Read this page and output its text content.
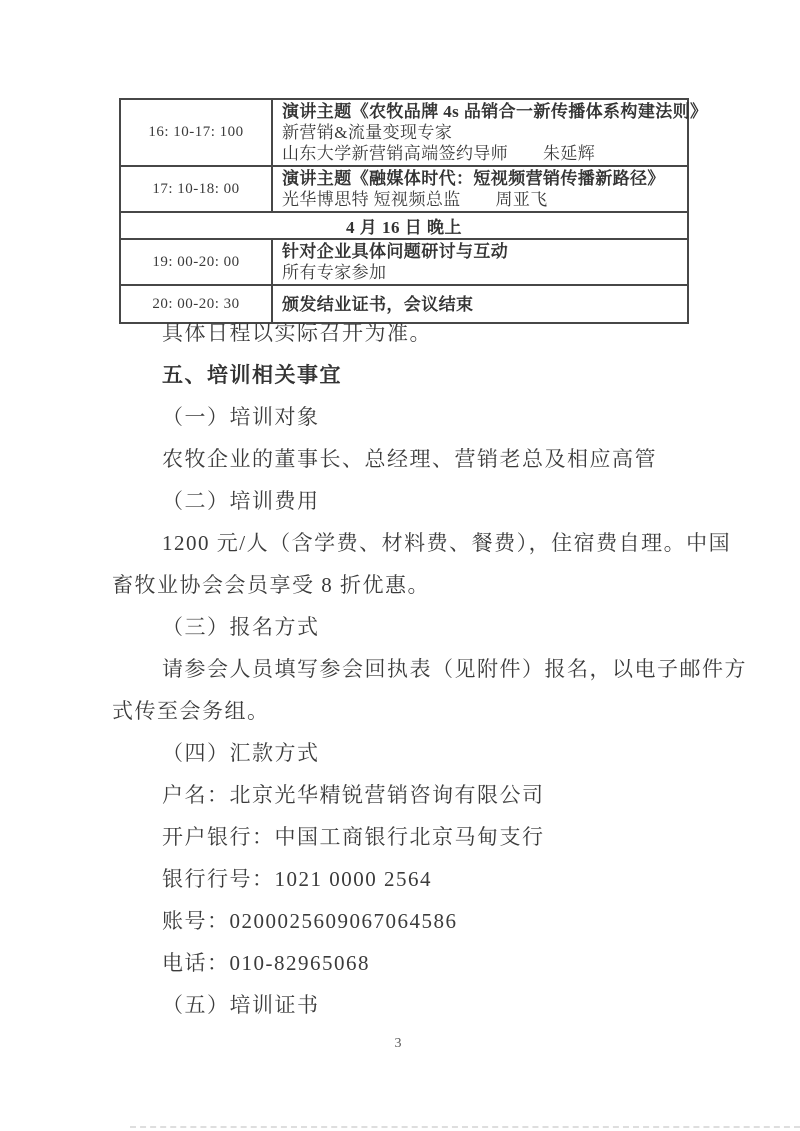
16: 10-17: 100	演讲主题《农牧品牌 4s 品销合一新传播体系构建法则》
新营销&流量变现专家
山东大学新营销高端签约导师　　朱延辉

17: 10-18: 00	演讲主题《融媒体时代：短视频营销传播新路径》
光华博思特 短视频总监　　周亚飞

4 月 16 日 晚上	
19: 00-20: 00	针对企业具体问题研讨与互动
所有专家参加

20: 00-20: 30	颁发结业证书，会议结束
具体日程以实际召开为准。
五、培训相关事宜
（一）培训对象
农牧企业的董事长、总经理、营销老总及相应高管
（二）培训费用
1200 元/人（含学费、材料费、餐费），住宿费自理。中国
畜牧业协会会员享受 8 折优惠。
（三）报名方式
请参会人员填写参会回执表（见附件）报名，以电子邮件方
式传至会务组。
（四）汇款方式
户名：北京光华精锐营销咨询有限公司
开户银行：中国工商银行北京马甸支行
银行行号：1021 0000 2564
账号：0200025609067064586
电话：010-82965068
（五）培训证书
3
